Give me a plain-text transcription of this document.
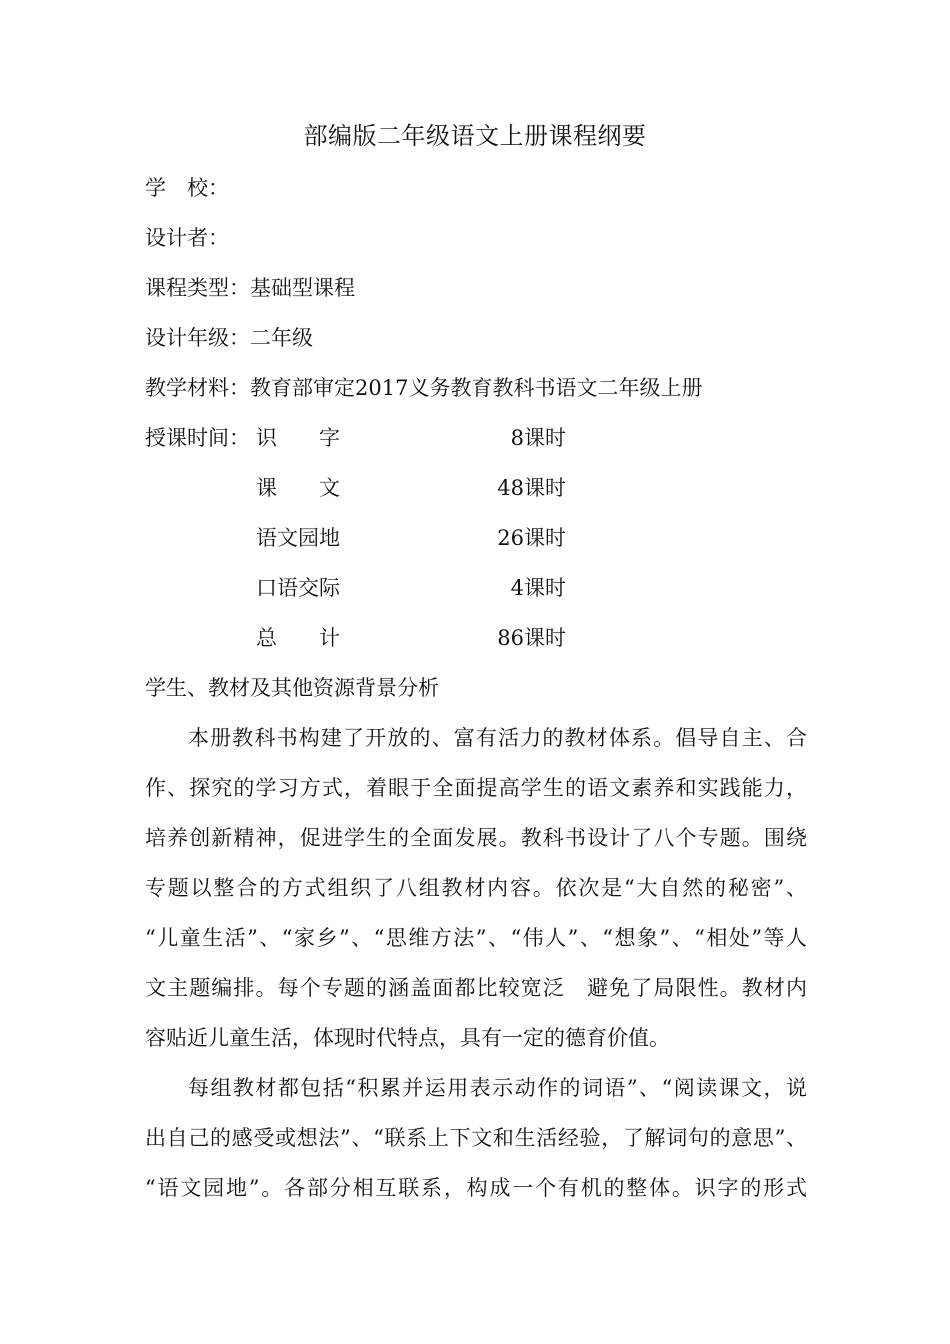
部编版二年级语文上册课程纲要
学　校：
设计者：
课程类型：基础型课程
设计年级：二年级
教学材料：教育部审定2017义务教育教科书语文二年级上册
授课时间： 识　　字	8课时
课　　文	48课时
语文园地	26课时
口语交际	4课时
总　　计	86课时
学生、教材及其他资源背景分析
本册教科书构建了开放的、富有活力的教材体系。倡导自主、合
作、探究的学习方式，着眼于全面提高学生的语文素养和实践能力，
培养创新精神，促进学生的全面发展。教科书设计了八个专题。围绕
专题以整合的方式组织了八组教材内容。依次是“大自然的秘密”、
“儿童生活”、“家乡”、“思维方法”、“伟人”、“想象”、“相处”等人
文主题编排。每个专题的涵盖面都比较宽泛　避免了局限性。教材内
容贴近儿童生活，体现时代特点，具有一定的德育价值。
每组教材都包括“积累并运用表示动作的词语”、“阅读课文，说
出自己的感受或想法”、“联系上下文和生活经验，了解词句的意思”、
“语文园地”。各部分相互联系，构成一个有机的整体。识字的形式
